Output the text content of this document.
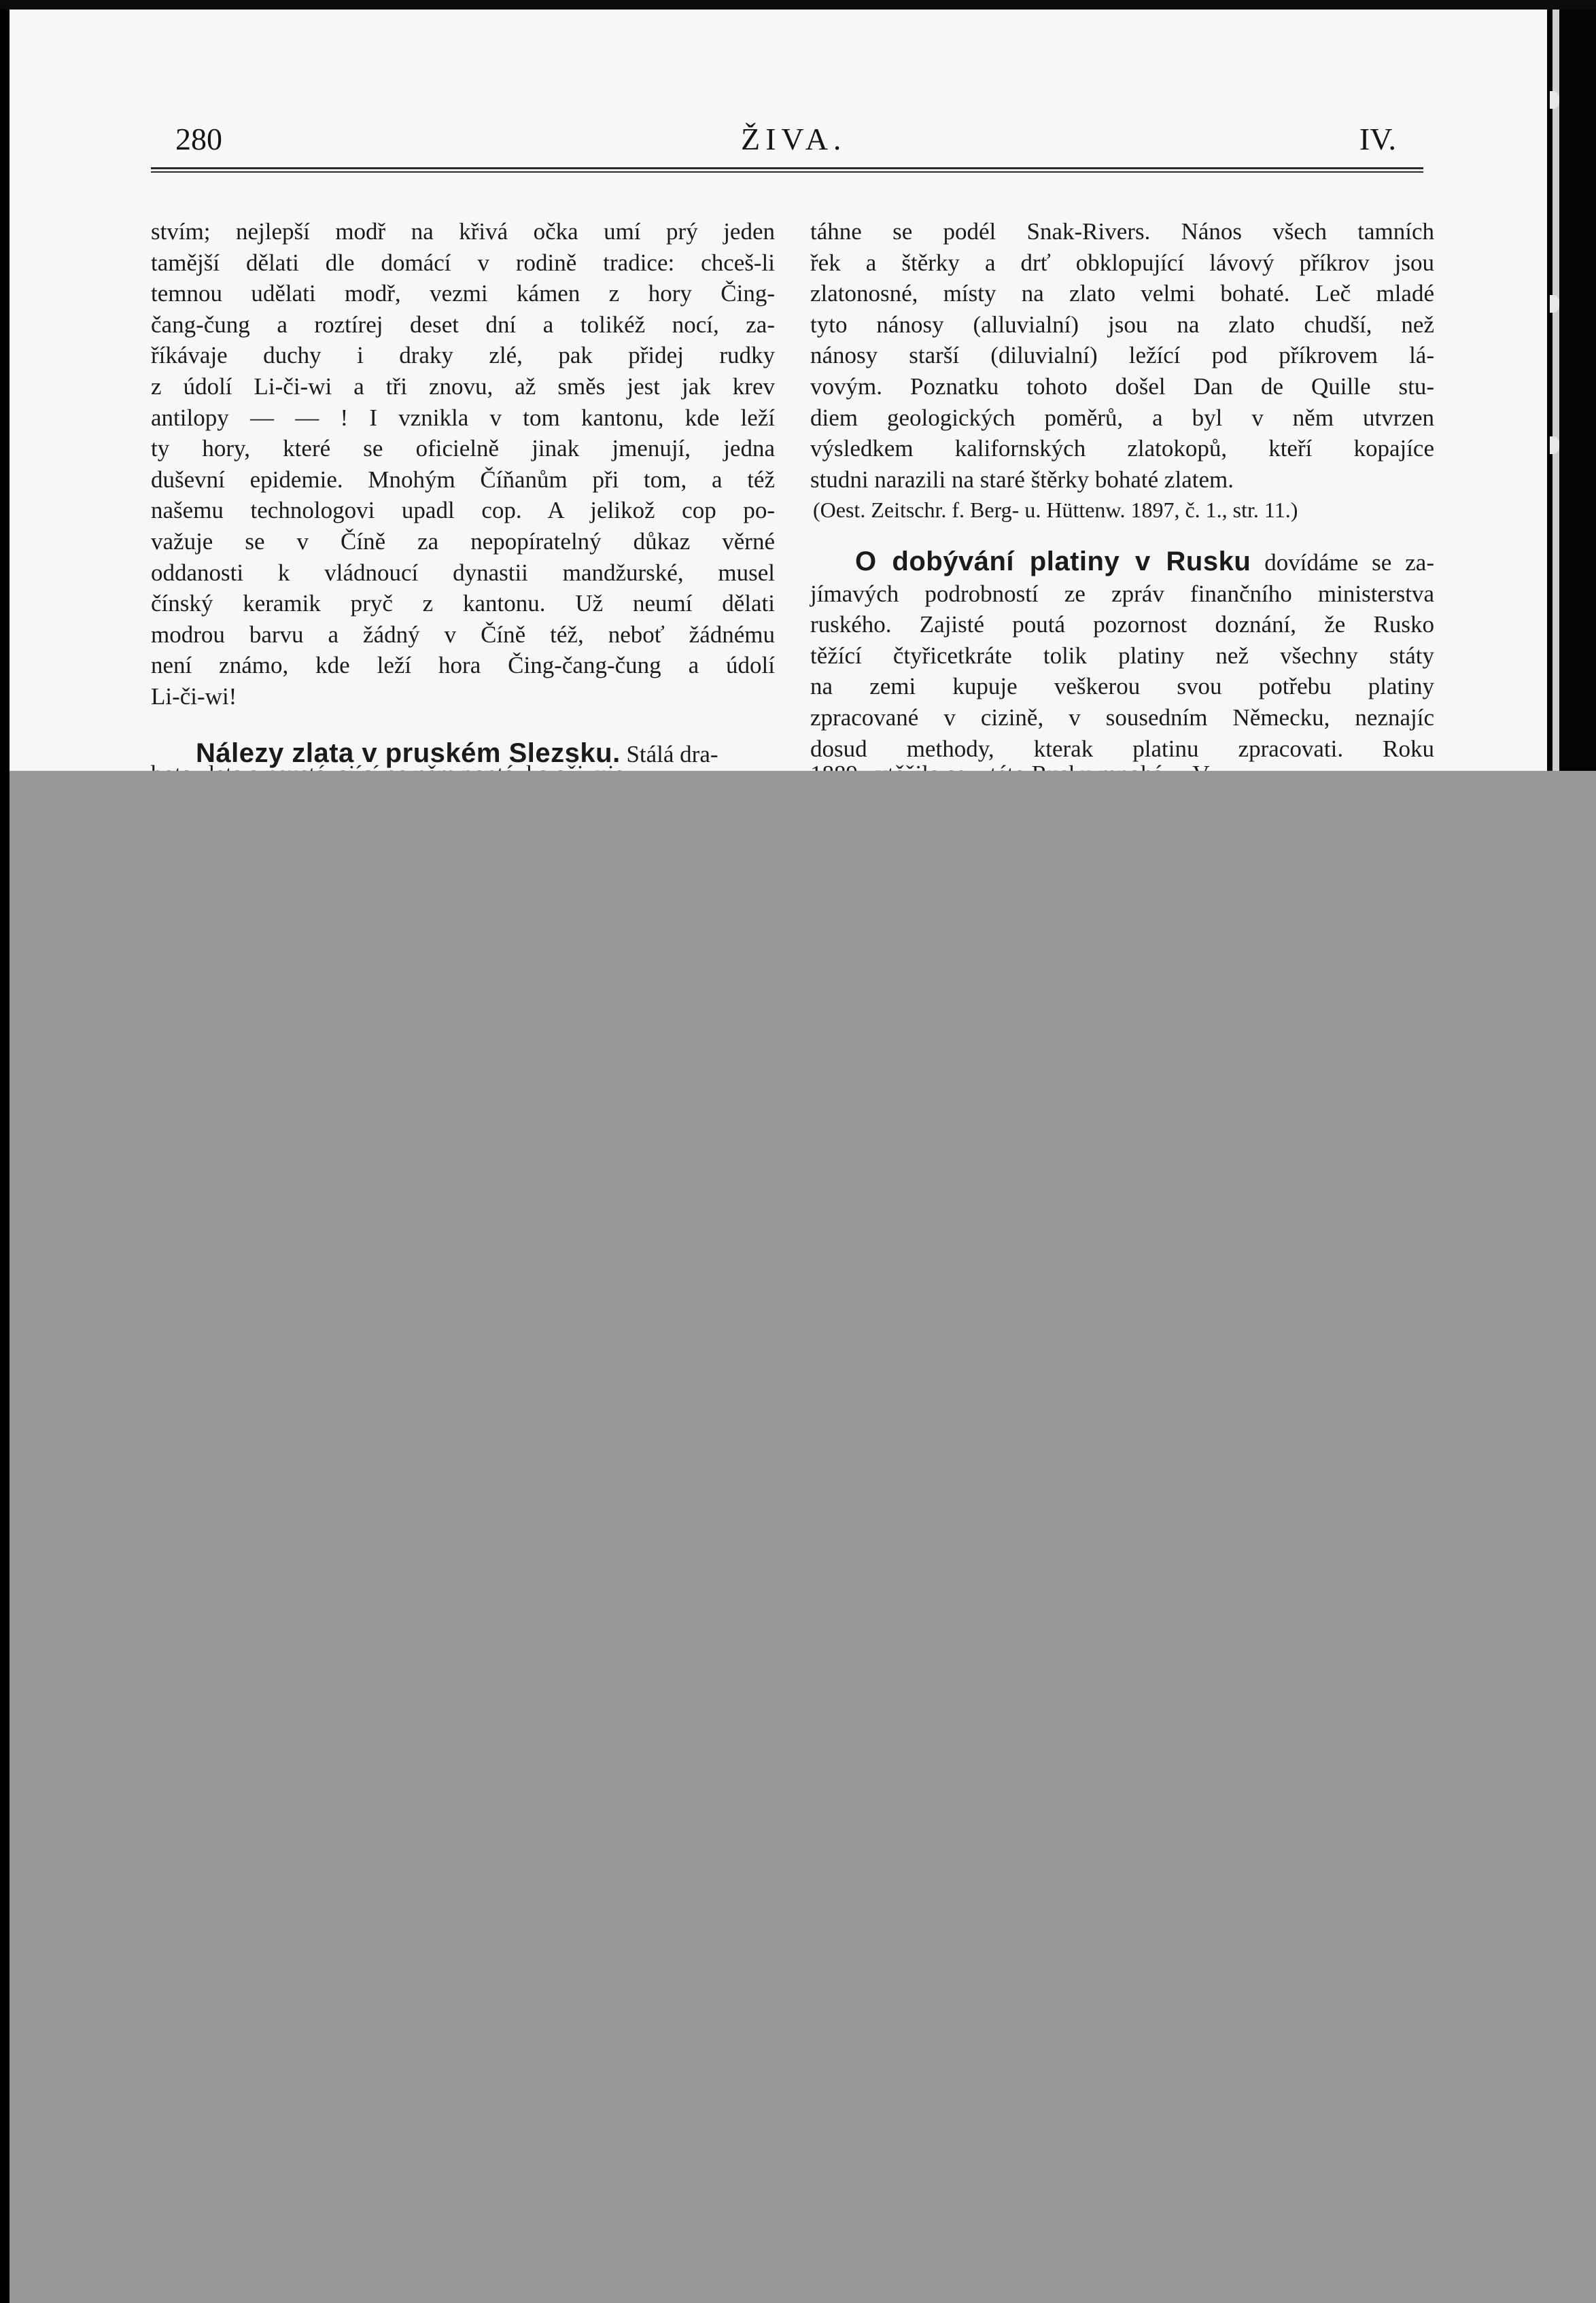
280	ŽIVA.	IV.

stvím; nejlepší modř na křivá očka umí prý jeden
tamější dělati dle domácí v rodině tradice: chceš-li
temnou udělati modř, vezmi kámen z hory Čing-
čang-čung a roztírej deset dní a tolikéž nocí, za-
říkávaje duchy i draky zlé, pak přidej rudky
z údolí Li-či-wi a tři znovu, až směs jest jak krev
antilopy — — ! I vznikla v tom kantonu, kde leží
ty hory, které se oficielně jinak jmenují, jedna
duševní epidemie. Mnohým Číňanům při tom, a též
našemu technologovi upadl cop. A jelikož cop po-
važuje se v Číně za nepopíratelný důkaz věrné
oddanosti k vládnoucí dynastii mandžurské, musel
čínský keramik pryč z kantonu. Už neumí dělati
modrou barvu a žádný v Číně též, neboť žádnému
není známo, kde leží hora Čing-čang-čung a údolí
Li-či-wi!

Nálezy zlata v pruském Slezsku. Stálá dra-

táhne se podél Snak-Rivers. Nános všech tamních
řek a štěrky a drť obklopující lávový příkrov jsou
zlatonosné, místy na zlato velmi bohaté. Leč mladé
tyto nánosy (alluvialní) jsou na zlato chudší, než
nánosy starší (diluvialní) ležící pod příkrovem lá-
vovým. Poznatku tohoto došel Dan de Quille stu-
diem geologických poměrů, a byl v něm utvrzen
výsledkem kalifornských zlatokopů, kteří kopajíce
studni narazili na staré štěrky bohaté zlatem.
(Oest. Zeitschr. f. Berg- u. Hüttenw. 1897, č. 1., str. 11.)

O dobývání platiny v Rusku dovídáme se za-
jímavých podrobností ze zpráv finančního ministerstva
ruského. Zajisté poutá pozornost doznání, že Rusko
těžící čtyřicetkráte tolik platiny než všechny státy
na zemi kupuje veškerou svou potřebu platiny
zpracované v cizině, v sousedním Německu, neznajíc
dosud methody, kterak platinu zpracovati. Roku
